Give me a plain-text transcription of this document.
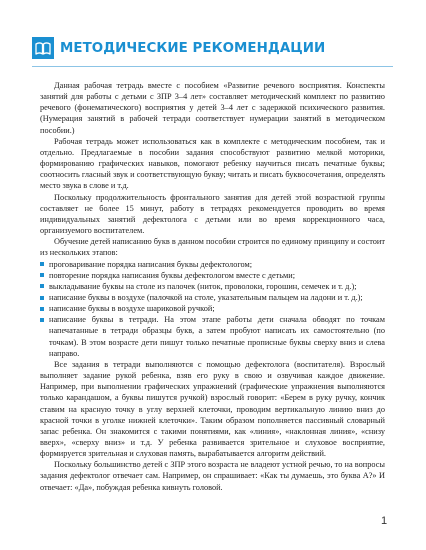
МЕТОДИЧЕСКИЕ РЕКОМЕНДАЦИИ

Данная рабочая тетрадь вместе с пособием «Развитие речевого восприятия. Конспекты занятий для работы с детьми с ЗПР 3–4 лет» составляет методический комплект по развитию речевого (фонематического) восприятия у детей 3–4 лет с задержкой психического развития. (Нумерация занятий в рабочей тетради соответствует нумерации занятий в методическом пособии.)

Рабочая тетрадь может использоваться как в комплекте с методическим пособием, так и отдельно. Предлагаемые в пособии задания способствуют развитию мелкой моторики, формированию графических навыков, помогают ребенку научиться писать печатные буквы; соотносить гласный звук и соответствующую букву; читать и писать буквосочетания, определять место звука в слове и т.д.

Поскольку продолжительность фронтального занятия для детей этой возрастной группы составляет не более 15 минут, работу в тетрадях рекомендуется проводить во время индивидуальных занятий дефектолога с детьми или во время коррекционного часа, организуемого воспитателем.

Обучение детей написанию букв в данном пособии строится по единому принципу и состоит из нескольких этапов:

проговаривание порядка написания буквы дефектологом;
повторение порядка написания буквы дефектологом вместе с детьми;
выкладывание буквы на столе из палочек (ниток, проволоки, горошин, семечек и т. д.);
написание буквы в воздухе (палочкой на столе, указательным пальцем на ладони и т. д.);
написание буквы в воздухе шариковой ручкой;
написание буквы в тетради. На этом этапе работы дети сначала обводят по точкам напечатанные в тетради образцы букв, а затем пробуют написать их самостоятельно (по точкам). В этом возрасте дети пишут только печатные прописные буквы сверху вниз и слева направо.

Все задания в тетради выполняются с помощью дефектолога (воспитателя). Взрослый выполняет задание рукой ребенка, взяв его руку в свою и озвучивая каждое движение. Например, при выполнении графических упражнений (графические упражнения выполняются только карандашом, а буквы пишутся ручкой) взрослый говорит: «Берем в руку ручку, кончик ставим на красную точку в углу верхней клеточки, проводим вертикальную линию вниз до красной точки в уголке нижней клеточки». Таким образом пополняется пассивный словарный запас ребенка. Он знакомится с такими понятиями, как «линия», «наклонная линия», «снизу вверх», «сверху вниз» и т.д. У ребенка развивается зрительное и слуховое восприятие, формируется зрительная и слуховая память, вырабатывается алгоритм действий.

Поскольку большинство детей с ЗПР этого возраста не владеют устной речью, то на вопросы задания дефектолог отвечает сам. Например, он спрашивает: «Как ты думаешь, это буква А?» И отвечает: «Да», побуждая ребенка кивнуть головой.

1
